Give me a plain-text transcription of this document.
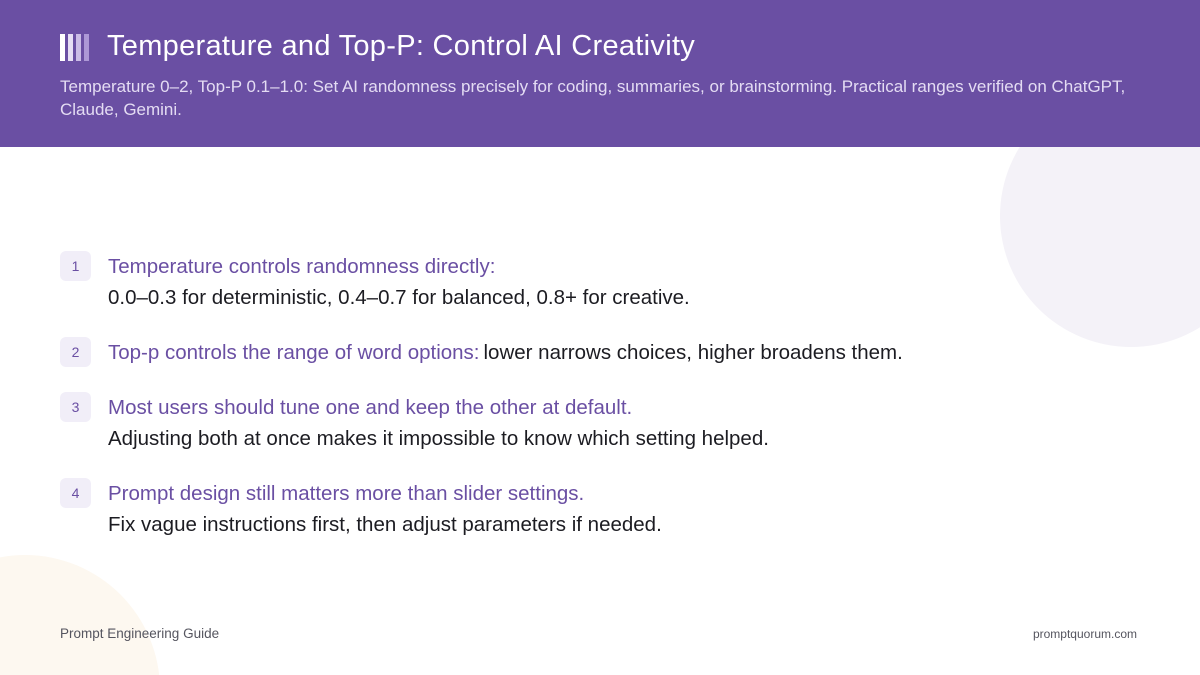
Temperature and Top-P: Control AI Creativity

Temperature 0–2, Top-P 0.1–1.0: Set AI randomness precisely for coding, summaries, or brainstorming. Practical ranges verified on ChatGPT, Claude, Gemini.

1	Temperature controls randomness directly:
0.0–0.3 for deterministic, 0.4–0.7 for balanced, 0.8+ for creative.
2	Top-p controls the range of word options: lower narrows choices, higher broadens them.
3	Most users should tune one and keep the other at default.
Adjusting both at once makes it impossible to know which setting helped.
4	Prompt design still matters more than slider settings.
Fix vague instructions first, then adjust parameters if needed.
Prompt Engineering Guide	promptquorum.com
